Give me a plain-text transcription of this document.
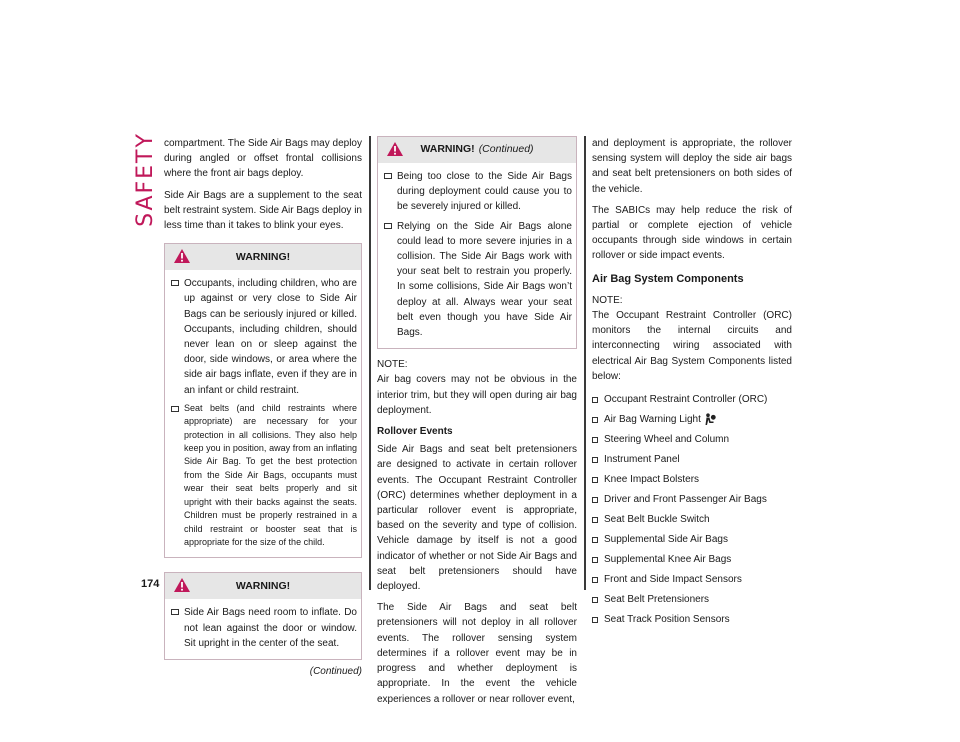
SAFETY compartment. The Side Air Bags may deploy during angled or offset frontal collisions where the front air bags deploy.

Side Air Bags are a supplement to the seat belt restraint system. Side Air Bags deploy in less time than it takes to blink your eyes.

WARNING!
Occupants, including children, who are up against or very close to Side Air Bags can be seriously injured or killed. Occupants, including children, should never lean on or sleep against the door, side windows, or area where the side air bags inflate, even if they are in an infant or child restraint.
Seat belts (and child restraints where appropriate) are necessary for your protection in all collisions. They also help keep you in position, away from an inflating Side Air Bag. To get the best protection from the Side Air Bags, occupants must wear their seat belts properly and sit upright with their backs against the seats. Children must be properly restrained in a child restraint or booster seat that is appropriate for the size of the child.
WARNING!
Side Air Bags need room to inflate. Do not lean against the door or window. Sit upright in the center of the seat.
(Continued)
WARNING! (Continued)
Being too close to the Side Air Bags during deployment could cause you to be severely injured or killed.
Relying on the Side Air Bags alone could lead to more severe injuries in a collision. The Side Air Bags work with your seat belt to restrain you properly. In some collisions, Side Air Bags won’t deploy at all. Always wear your seat belt even though you have Side Air Bags.
NOTE:

Air bag covers may not be obvious in the interior trim, but they will open during air bag deployment.

Rollover Events

Side Air Bags and seat belt pretensioners are designed to activate in certain rollover events. The Occupant Restraint Controller (ORC) determines whether deployment in a particular rollover event is appropriate, based on the severity and type of collision. Vehicle damage by itself is not a good indicator of whether or not Side Air Bags and seat belt pretensioners should have deployed.

The Side Air Bags and seat belt pretensioners will not deploy in all rollover events. The rollover sensing system determines if a rollover event may be in progress and whether deployment is appropriate. In the event the vehicle experiences a rollover or near rollover event,

and deployment is appropriate, the rollover sensing system will deploy the side air bags and seat belt pretensioners on both sides of the vehicle.

The SABICs may help reduce the risk of partial or complete ejection of vehicle occupants through side windows in certain rollover or side impact events.

Air Bag System Components
NOTE:

The Occupant Restraint Controller (ORC) monitors the internal circuits and interconnecting wiring associated with electrical Air Bag System Components listed below:

Occupant Restraint Controller (ORC)
Air Bag Warning Light
Steering Wheel and Column
Instrument Panel
Knee Impact Bolsters
Driver and Front Passenger Air Bags
Seat Belt Buckle Switch
Supplemental Side Air Bags
Supplemental Knee Air Bags
Front and Side Impact Sensors
Seat Belt Pretensioners
Seat Track Position Sensors
174
